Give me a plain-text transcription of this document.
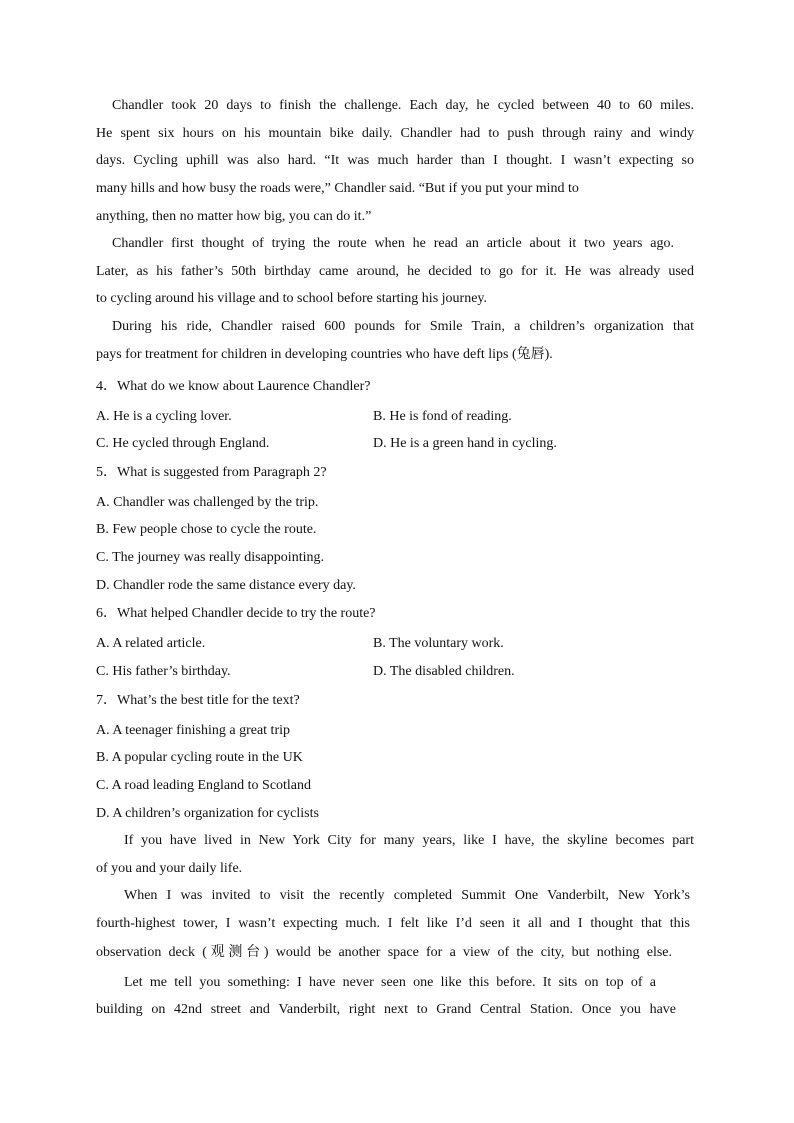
Chandler took 20 days to finish the challenge. Each day, he cycled between 40 to 60 miles.
He spent six hours on his mountain bike daily. Chandler had to push through rainy and windy
days. Cycling uphill was also hard. “It was much harder than I thought. I wasn’t expecting so
many hills and how busy the roads were,” Chandler said. “But if you put your mind to
anything, then no matter how big, you can do it.”
Chandler first thought of trying the route when he read an article about it two years ago.
Later, as his father’s 50th birthday came around, he decided to go for it. He was already used
to cycling around his village and to school before starting his journey.
During his ride, Chandler raised 600 pounds for Smile Train, a children’s organization that
pays for treatment for children in developing countries who have deft lips (兔唇).
4．What do we know about Laurence Chandler?
A. He is a cycling lover.	B. He is fond of reading.
C. He cycled through England.	D. He is a green hand in cycling.
5．What is suggested from Paragraph 2?
A. Chandler was challenged by the trip.
B. Few people chose to cycle the route.
C. The journey was really disappointing.
D. Chandler rode the same distance every day.
6．What helped Chandler decide to try the route?
A. A related article.	B. The voluntary work.
C. His father’s birthday.	D. The disabled children.
7．What’s the best title for the text?
A. A teenager finishing a great trip
B. A popular cycling route in the UK
C. A road leading England to Scotland
D. A children’s organization for cyclists
If you have lived in New York City for many years, like I have, the skyline becomes part
of you and your daily life.
When I was invited to visit the recently completed Summit One Vanderbilt, New York’s
fourth-highest tower, I wasn’t expecting much. I felt like I’d seen it all and I thought that this
observation deck (观测台) would be another space for a view of the city, but nothing else.
Let me tell you something: I have never seen one like this before. It sits on top of a
building on 42nd street and Vanderbilt, right next to Grand Central Station. Once you have
